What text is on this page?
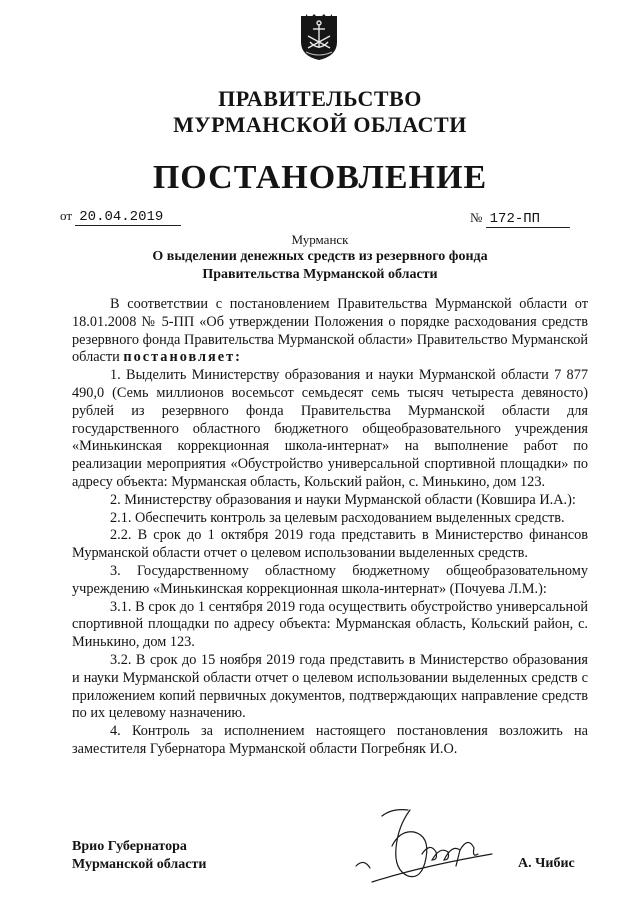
ПРАВИТЕЛЬСТВО
МУРМАНСКОЙ ОБЛАСТИ
ПОСТАНОВЛЕНИЕ
от 20.04.2019	№ 172-ПП
Мурманск
О выделении денежных средств из резервного фонда
Правительства Мурманской области

В соответствии с постановлением Правительства Мурманской области от 18.01.2008 № 5-ПП «Об утверждении Положения о порядке расходования средств резервного фонда Правительства Мурманской области» Правительство Мурманской области постановляет:

1. Выделить Министерству образования и науки Мурманской области 7 877 490,0 (Семь миллионов восемьсот семьдесят семь тысяч четыреста девяносто) рублей из резервного фонда Правительства Мурманской области для государственного областного бюджетного общеобразовательного учреждения «Минькинская коррекционная школа-интернат» на выполнение работ по реализации мероприятия «Обустройство универсальной спортивной площадки» по адресу объекта: Мурманская область, Кольский район, с. Минькино, дом 123.

2. Министерству образования и науки Мурманской области (Ковшира И.А.):

2.1. Обеспечить контроль за целевым расходованием выделенных средств.

2.2. В срок до 1 октября 2019 года представить в Министерство финансов Мурманской области отчет о целевом использовании выделенных средств.

3. Государственному областному бюджетному общеобразовательному учреждению «Минькинская коррекционная школа-интернат» (Почуева Л.М.):

3.1. В срок до 1 сентября 2019 года осуществить обустройство универсальной спортивной площадки по адресу объекта: Мурманская область, Кольский район, с. Минькино, дом 123.

3.2. В срок до 15 ноября 2019 года представить в Министерство образования и науки Мурманской области отчет о целевом использовании выделенных средств с приложением копий первичных документов, подтверждающих направление средств по их целевому назначению.

4. Контроль за исполнением настоящего постановления возложить на заместителя Губернатора Мурманской области Погребняк И.О.

Врио Губернатора
Мурманской области	А. Чибис
